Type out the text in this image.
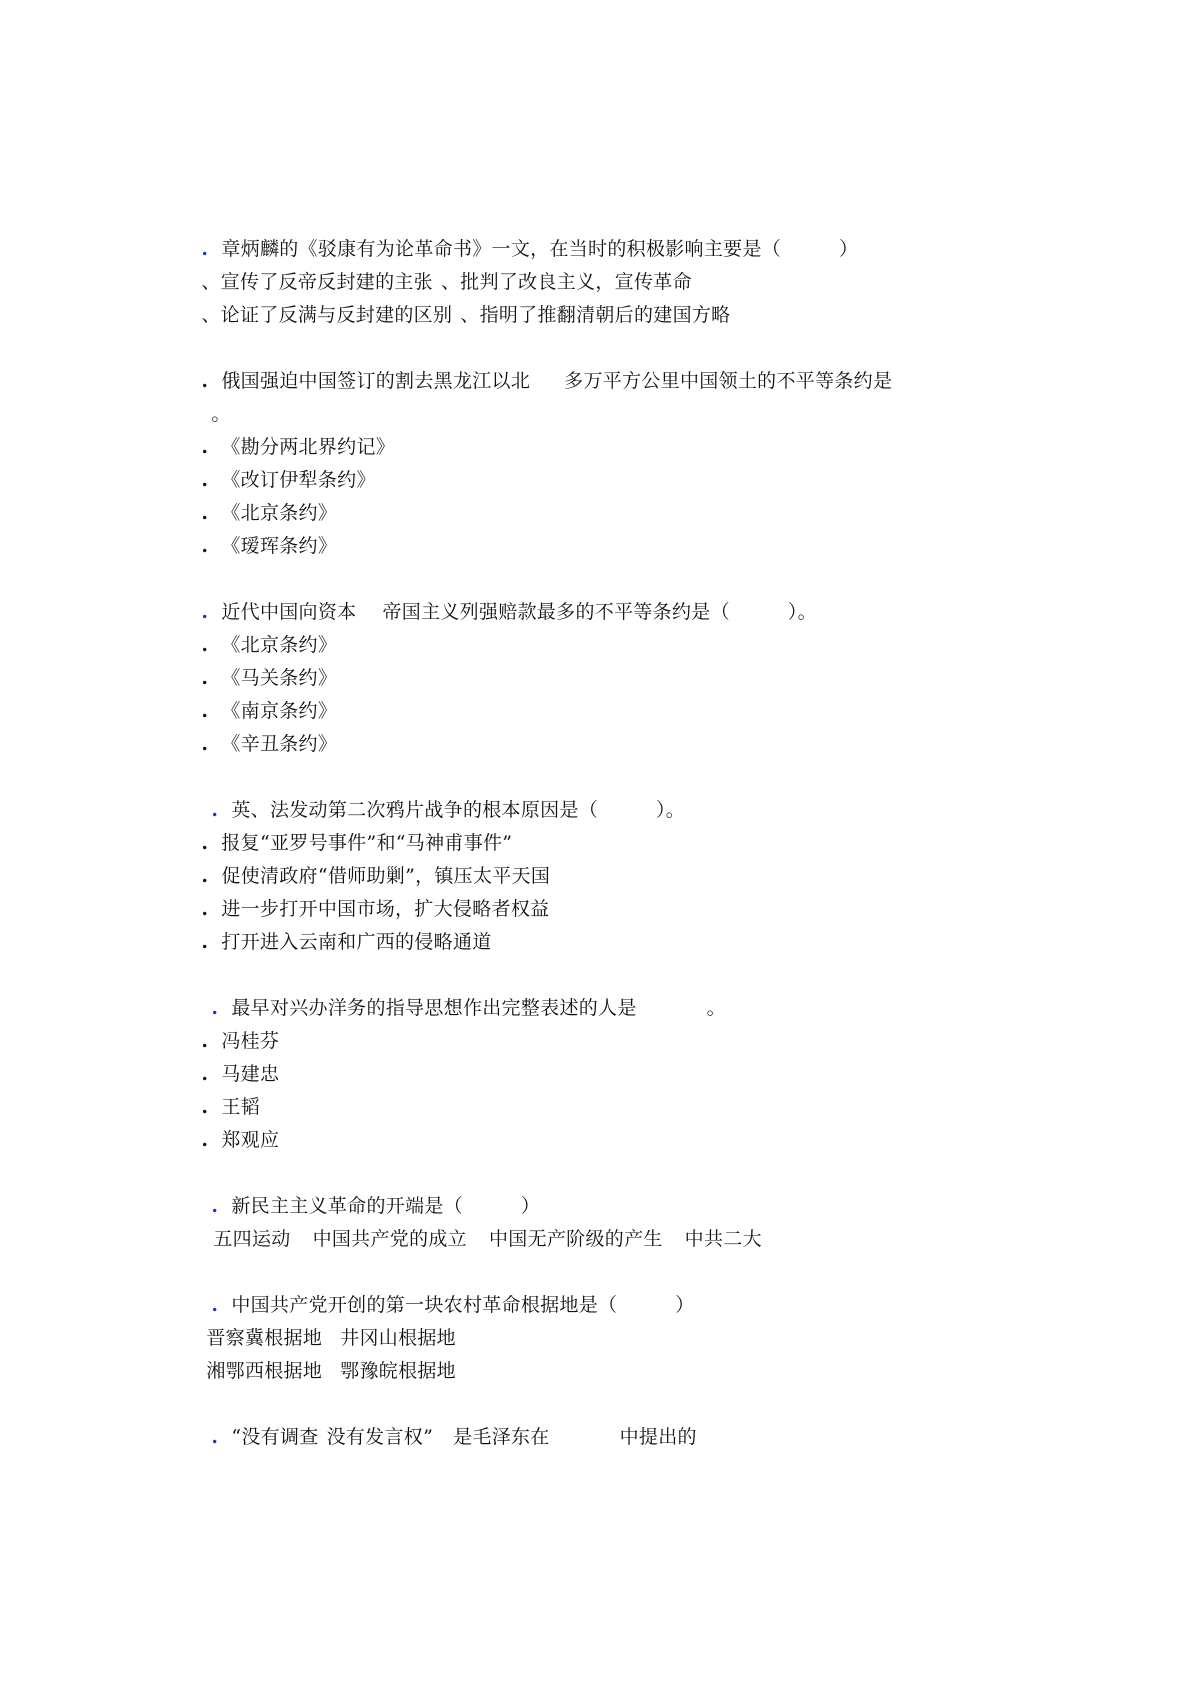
. 章炳麟的《驳康有为论革命书》一文，在当时的积极影响主要是（　　　）

、宣传了反帝反封建的主张 、批判了改良主义，宣传革命

、论证了反满与反封建的区别 、指明了推翻清朝后的建国方略

. 俄国强迫中国签订的割去黑龙江以北 多万平方公里中国领土的不平等条约是

。

. 《勘分两北界约记》

. 《改订伊犁条约》

. 《北京条约》

. 《瑷珲条约》

. 近代中国向资本 帝国主义列强赔款最多的不平等条约是（　　　）。

. 《北京条约》

. 《马关条约》

. 《南京条约》

. 《辛丑条约》

. 英、法发动第二次鸦片战争的根本原因是（　　　）。

. 报复“亚罗号事件”和“马神甫事件”

. 促使清政府“借师助剿”，镇压太平天国

. 进一步打开中国市场，扩大侵略者权益

. 打开进入云南和广西的侵略通道

. 最早对兴办洋务的指导思想作出完整表述的人是	。

. 冯桂芬

. 马建忠

. 王韬

. 郑观应

. 新民主主义革命的开端是（　　　）

五四运动 中国共产党的成立 中国无产阶级的产生 中共二大

. 中国共产党开创的第一块农村革命根据地是（　　　）

晋察冀根据地 井冈山根据地

湘鄂西根据地 鄂豫皖根据地

. “没有调查 没有发言权” 是毛泽东在	中提出的
